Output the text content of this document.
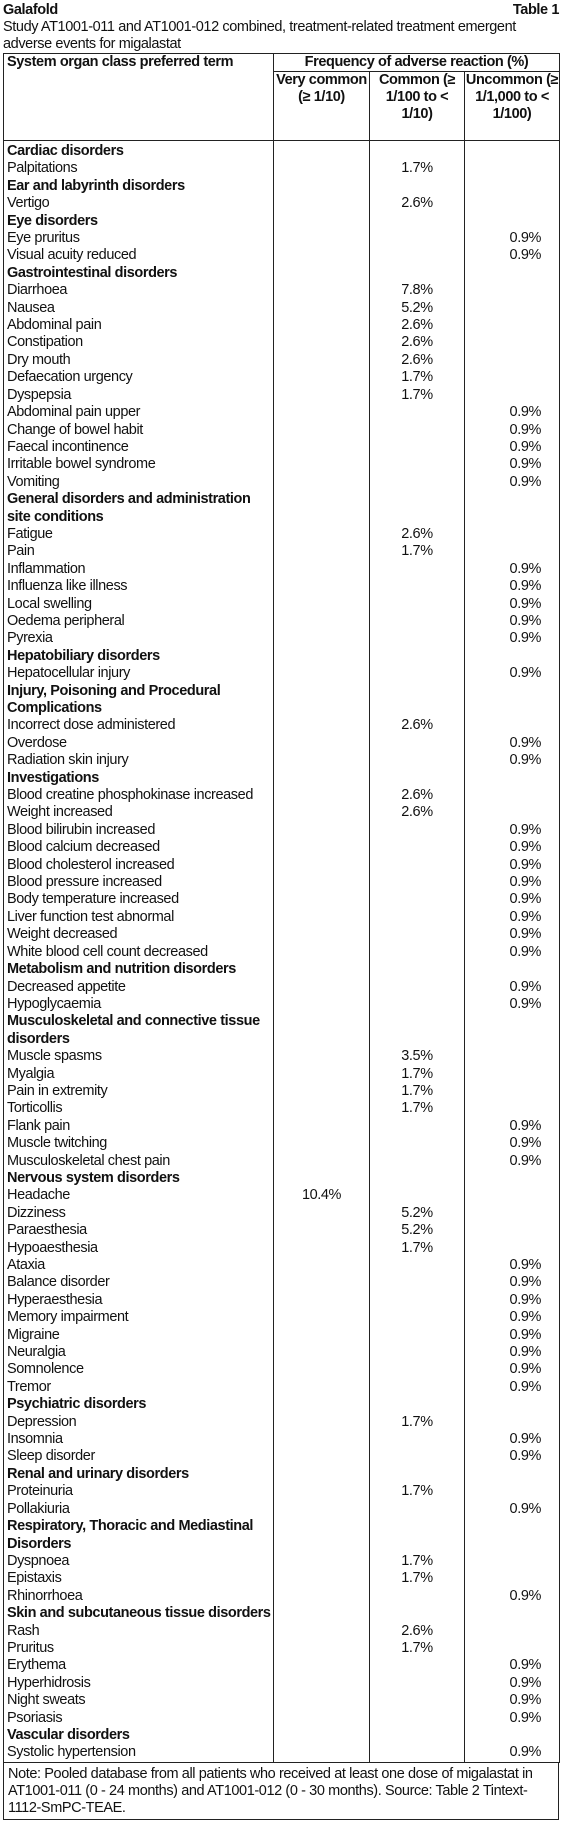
Galafold	Table 1
Study AT1001-011 and AT1001-012 combined, treatment-related treatment emergent adverse events for migalastat
System organ class preferred term	Frequency of adverse reaction (%)		
	Very common (≥ 1/10)	Common (≥ 1/100 to < 1/10)	Uncommon (≥ 1/1,000 to < 1/100)
Cardiac disorders			
Palpitations		1.7%	
Ear and labyrinth disorders			
Vertigo		2.6%	
Eye disorders			
Eye pruritus			0.9%
Visual acuity reduced			0.9%
Gastrointestinal disorders			
Diarrhoea		7.8%	
Nausea		5.2%	
Abdominal pain		2.6%	
Constipation		2.6%	
Dry mouth		2.6%	
Defaecation urgency		1.7%	
Dyspepsia		1.7%	
Abdominal pain upper			0.9%
Change of bowel habit			0.9%
Faecal incontinence			0.9%
Irritable bowel syndrome			0.9%
Vomiting			0.9%
General disorders and administration site conditions			
Fatigue		2.6%	
Pain		1.7%	
Inflammation			0.9%
Influenza like illness			0.9%
Local swelling			0.9%
Oedema peripheral			0.9%
Pyrexia			0.9%
Hepatobiliary disorders			
Hepatocellular injury			0.9%
Injury, Poisoning and Procedural Complications			
Incorrect dose administered		2.6%	
Overdose			0.9%
Radiation skin injury			0.9%
Investigations			
Blood creatine phosphokinase increased		2.6%	
Weight increased		2.6%	
Blood bilirubin increased			0.9%
Blood calcium decreased			0.9%
Blood cholesterol increased			0.9%
Blood pressure increased			0.9%
Body temperature increased			0.9%
Liver function test abnormal			0.9%
Weight decreased			0.9%
White blood cell count decreased			0.9%
Metabolism and nutrition disorders			
Decreased appetite			0.9%
Hypoglycaemia			0.9%
Musculoskeletal and connective tissue disorders			
Muscle spasms		3.5%	
Myalgia		1.7%	
Pain in extremity		1.7%	
Torticollis		1.7%	
Flank pain			0.9%
Muscle twitching			0.9%
Musculoskeletal chest pain			0.9%
Nervous system disorders			
Headache	10.4%		
Dizziness		5.2%	
Paraesthesia		5.2%	
Hypoaesthesia		1.7%	
Ataxia			0.9%
Balance disorder			0.9%
Hyperaesthesia			0.9%
Memory impairment			0.9%
Migraine			0.9%
Neuralgia			0.9%
Somnolence			0.9%
Tremor			0.9%
Psychiatric disorders			
Depression		1.7%	
Insomnia			0.9%
Sleep disorder			0.9%
Renal and urinary disorders			
Proteinuria		1.7%	
Pollakiuria			0.9%
Respiratory, Thoracic and Mediastinal Disorders			
Dyspnoea		1.7%	
Epistaxis		1.7%	
Rhinorrhoea			0.9%
Skin and subcutaneous tissue disorders			
Rash		2.6%	
Pruritus		1.7%	
Erythema			0.9%
Hyperhidrosis			0.9%
Night sweats			0.9%
Psoriasis			0.9%
Vascular disorders			
Systolic hypertension			0.9%
Note: Pooled database from all patients who received at least one dose of migalastat in AT1001-011 (0 - 24 months) and AT1001-012 (0 - 30 months). Source: Table 2 Tintext-1112-SmPC-TEAE.
